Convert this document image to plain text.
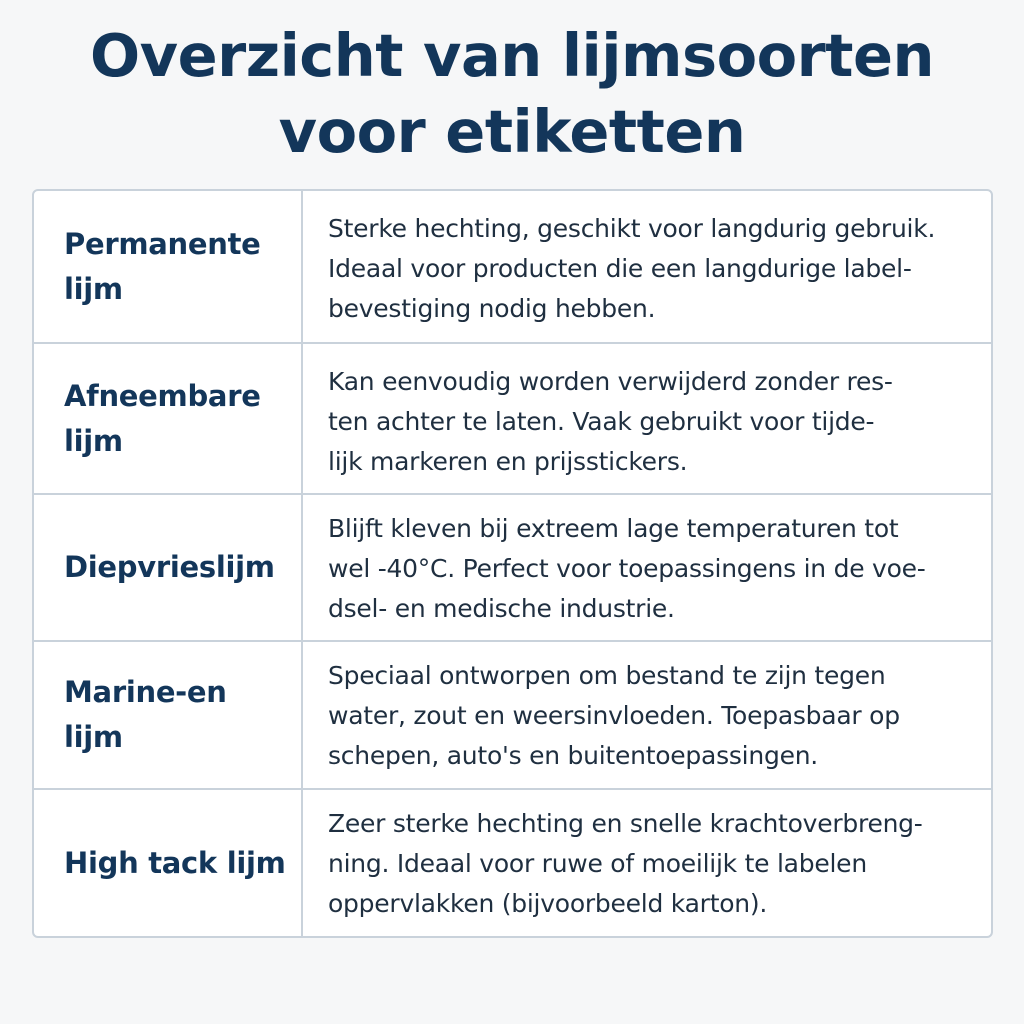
Overzicht van lijmsoorten
voor etiketten
Permanente
lijm
Sterke hechting, geschikt voor langdurig gebruik.
Ideaal voor producten die een langdurige label-
bevestiging nodig hebben.
Afneembare
lijm
Kan eenvoudig worden verwijderd zonder res-
ten achter te laten. Vaak gebruikt voor tijde-
lijk markeren en prijsstickers.
Diepvrieslijm
Blijft kleven bij extreem lage temperaturen tot
wel -40°C. Perfect voor toepassingens in de voe-
dsel- en medische industrie.
Marine-en
lijm
Speciaal ontworpen om bestand te zijn tegen
water, zout en weersinvloeden. Toepasbaar op
schepen, auto's en buitentoepassingen.
High tack lijm
Zeer sterke hechting en snelle krachtoverbreng-
ning. Ideaal voor ruwe of moeilijk te labelen
oppervlakken (bijvoorbeeld karton).
